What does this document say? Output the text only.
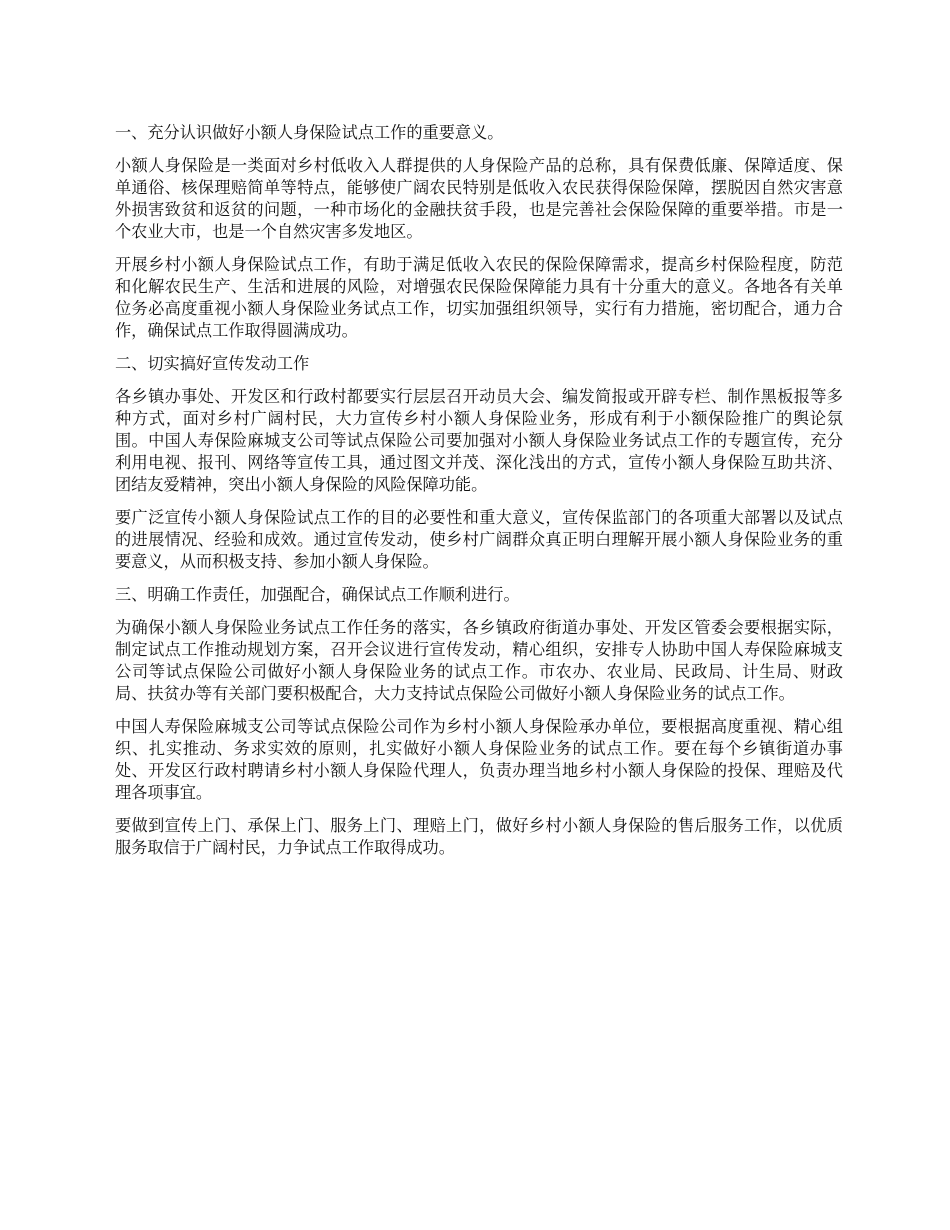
一、充分认识做好小额人身保险试点工作的重要意义。

小额人身保险是一类面对乡村低收入人群提供的人身保险产品的总称，具有保费低廉、保障适度、保单通俗、核保理赔简单等特点，能够使广阔农民特别是低收入农民获得保险保障，摆脱因自然灾害意外损害致贫和返贫的问题，一种市场化的金融扶贫手段，也是完善社会保险保障的重要举措。市是一个农业大市，也是一个自然灾害多发地区。

开展乡村小额人身保险试点工作，有助于满足低收入农民的保险保障需求，提高乡村保险程度，防范和化解农民生产、生活和进展的风险，对增强农民保险保障能力具有十分重大的意义。各地各有关单位务必高度重视小额人身保险业务试点工作，切实加强组织领导，实行有力措施，密切配合，通力合作，确保试点工作取得圆满成功。

二、切实搞好宣传发动工作

各乡镇办事处、开发区和行政村都要实行层层召开动员大会、编发简报或开辟专栏、制作黑板报等多种方式，面对乡村广阔村民，大力宣传乡村小额人身保险业务，形成有利于小额保险推广的舆论氛围。中国人寿保险麻城支公司等试点保险公司要加强对小额人身保险业务试点工作的专题宣传，充分利用电视、报刊、网络等宣传工具，通过图文并茂、深化浅出的方式，宣传小额人身保险互助共济、团结友爱精神，突出小额人身保险的风险保障功能。

要广泛宣传小额人身保险试点工作的目的必要性和重大意义，宣传保监部门的各项重大部署以及试点的进展情况、经验和成效。通过宣传发动，使乡村广阔群众真正明白理解开展小额人身保险业务的重要意义，从而积极支持、参加小额人身保险。

三、明确工作责任，加强配合，确保试点工作顺利进行。

为确保小额人身保险业务试点工作任务的落实，各乡镇政府街道办事处、开发区管委会要根据实际，制定试点工作推动规划方案，召开会议进行宣传发动，精心组织，安排专人协助中国人寿保险麻城支公司等试点保险公司做好小额人身保险业务的试点工作。市农办、农业局、民政局、计生局、财政局、扶贫办等有关部门要积极配合，大力支持试点保险公司做好小额人身保险业务的试点工作。

中国人寿保险麻城支公司等试点保险公司作为乡村小额人身保险承办单位，要根据高度重视、精心组织、扎实推动、务求实效的原则，扎实做好小额人身保险业务的试点工作。要在每个乡镇街道办事处、开发区行政村聘请乡村小额人身保险代理人，负责办理当地乡村小额人身保险的投保、理赔及代理各项事宜。

要做到宣传上门、承保上门、服务上门、理赔上门，做好乡村小额人身保险的售后服务工作，以优质服务取信于广阔村民，力争试点工作取得成功。
